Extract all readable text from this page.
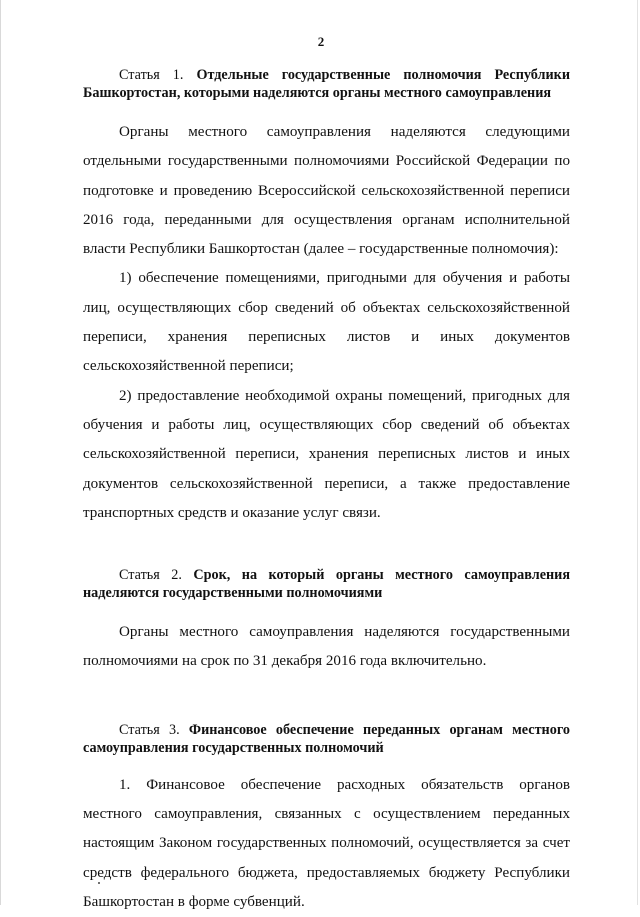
2
Статья 1. Отдельные государственные полномочия Республики Башкортостан, которыми наделяются органы местного самоуправления

Органы местного самоуправления наделяются следующими отдельными государственными полномочиями Российской Федерации по подготовке и проведению Всероссийской сельскохозяйственной переписи 2016 года, переданными для осуществления органам исполнительной власти Республики Башкортостан (далее – государственные полномочия):

1) обеспечение помещениями, пригодными для обучения и работы лиц, осуществляющих сбор сведений об объектах сельскохозяйственной переписи, хранения переписных листов и иных документов сельскохозяйственной переписи;

2) предоставление необходимой охраны помещений, пригодных для обучения и работы лиц, осуществляющих сбор сведений об объектах сельскохозяйственной переписи, хранения переписных листов и иных документов сельскохозяйственной переписи, а также предоставление транспортных средств и оказание услуг связи.

Статья 2. Срок, на который органы местного самоуправления наделяются государственными полномочиями

Органы местного самоуправления наделяются государственными полномочиями на срок по 31 декабря 2016 года включительно.

Статья 3. Финансовое обеспечение переданных органам местного самоуправления государственных полномочий

1. Финансовое обеспечение расходных обязательств органов местного самоуправления, связанных с осуществлением переданных настоящим Законом государственных полномочий, осуществляется за счет средств федерального бюджета, предоставляемых бюджету Республики Башкортостан в форме субвенций.
